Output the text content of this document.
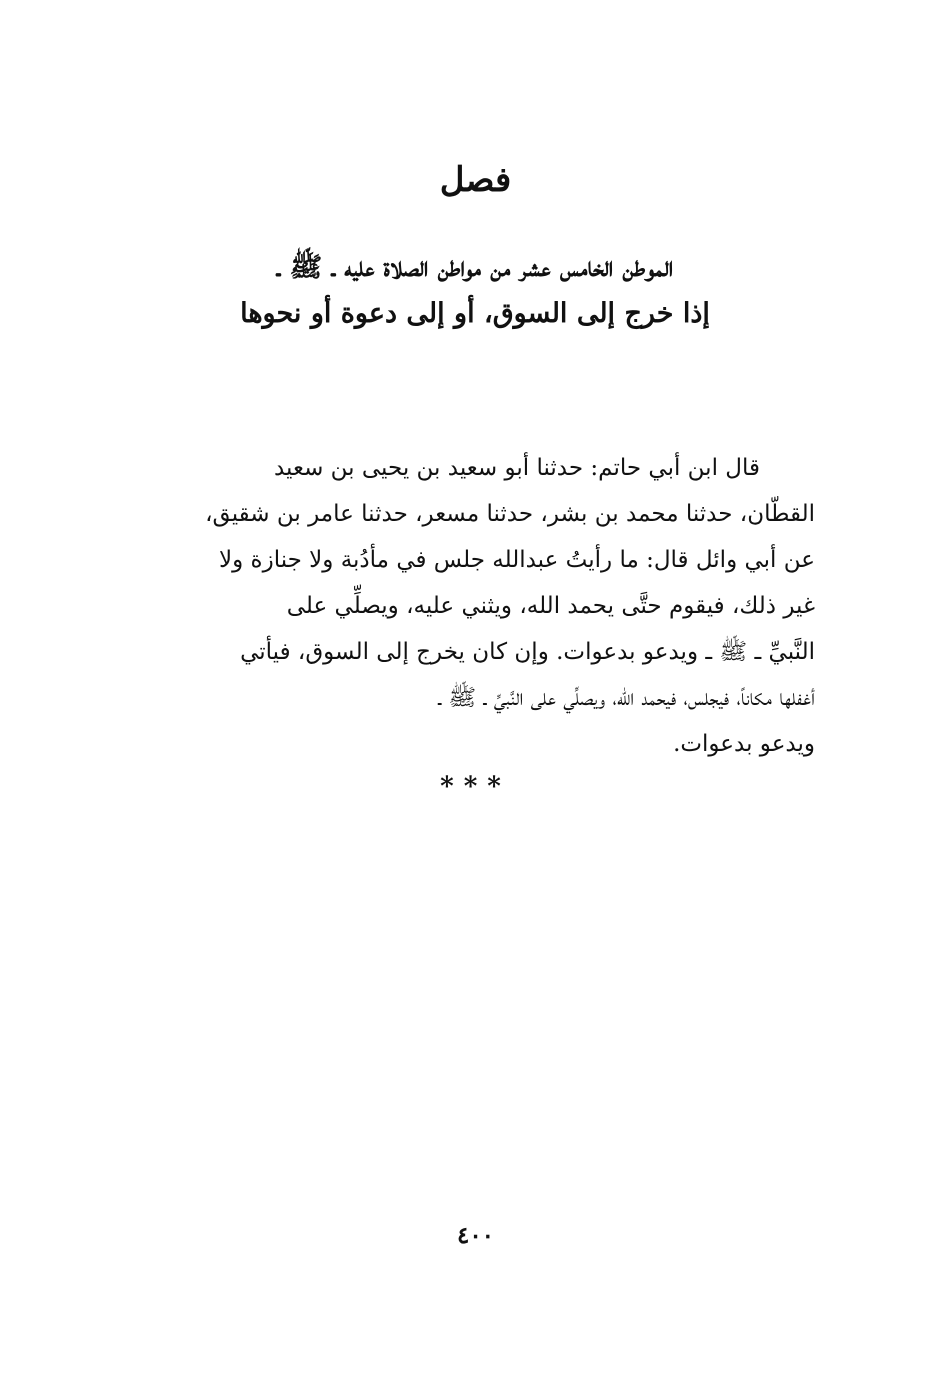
فصل
الموطن الخامس عشر من مواطن الصلاة عليه ـ ﷺ ـ
إذا خرج إلى السوق، أو إلى دعوة أو نحوها
قال ابن أبي حاتم: حدثنا أبو سعيد بن يحيى بن سعيد
القطّان، حدثنا محمد بن بشر، حدثنا مسعر، حدثنا عامر بن شقيق،
عن أبي وائل قال: ما رأيتُ عبدالله جلس في مأدُبة ولا جنازة ولا
غير ذلك، فيقوم حتَّى يحمد الله، ويثني عليه، ويصلِّي على
النَّبيِّ ـ ﷺ ـ ويدعو بدعوات. وإن كان يخرج إلى السوق، فيأتي
أغفلها مكاناً، فيجلس، فيحمد الله، ويصلِّي على النَّبيِّ ـ ﷺ ـ
ويدعو بدعوات.
***
٤٠٠
